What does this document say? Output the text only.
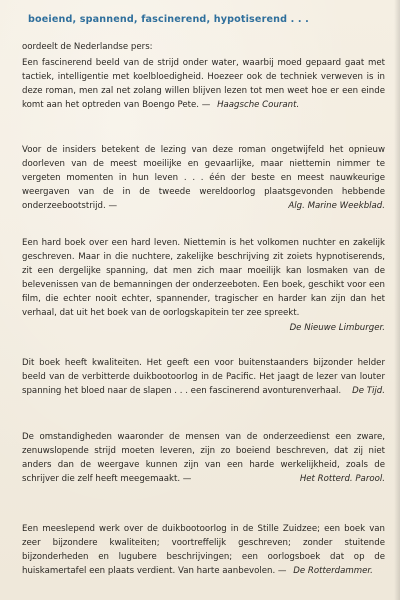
boeiend, spannend, fascinerend, hypotiserend . . .
oordeelt de Nederlandse pers:

Een fascinerend beeld van de strijd onder water, waarbij moed gepaard gaat met tactiek, intelligentie met koelbloedigheid. Hoezeer ook de techniek verweven is in deze roman, men zal net zolang willen blijven lezen tot men weet hoe er een einde komt aan het optreden van Boengo Pete. — Haagsche Courant.

Voor de insiders betekent de lezing van deze roman ongetwijfeld het opnieuw doorleven van de meest moeilijke en gevaarlijke, maar niettemin nimmer te vergeten momenten in hun leven . . . één der beste en meest nauwkeurige weergaven van de in de tweede wereldoorlog plaatsgevonden hebbende onderzeebootstrijd. —	Alg. Marine Weekblad.

Een hard boek over een hard leven. Niettemin is het volkomen nuchter en zakelijk geschreven. Maar in die nuchtere, zakelijke beschrijving zit zoiets hypnotiserends, zit een dergelijke spanning, dat men zich maar moeilijk kan losmaken van de belevenissen van de bemanningen der onderzeeboten. Een boek, geschikt voor een film, die echter nooit echter, spannender, tragischer en harder kan zijn dan het verhaal, dat uit het boek van de oorlogskapitein ter zee spreekt.
De Nieuwe Limburger.

Dit boek heeft kwaliteiten. Het geeft een voor buitenstaanders bijzonder helder beeld van de verbitterde duikbootoorlog in de Pacific. Het jaagt de lezer van louter spanning het bloed naar de slapen . . . een fascinerend avonturenverhaal. De Tijd.

De omstandigheden waaronder de mensen van de onderzeedienst een zware, zenuwslopende strijd moeten leveren, zijn zo boeiend beschreven, dat zij niet anders dan de weergave kunnen zijn van een harde werkelijkheid, zoals de schrijver die zelf heeft meegemaakt. —	Het Rotterd. Parool.

Een meeslepend werk over de duikbootoorlog in de Stille Zuidzee; een boek van zeer bijzondere kwaliteiten; voortreffelijk geschreven; zonder stuitende bijzonderheden en lugubere beschrijvingen; een oorlogsboek dat op de huiskamertafel een plaats verdient. Van harte aanbevolen. — De Rotterdammer.
